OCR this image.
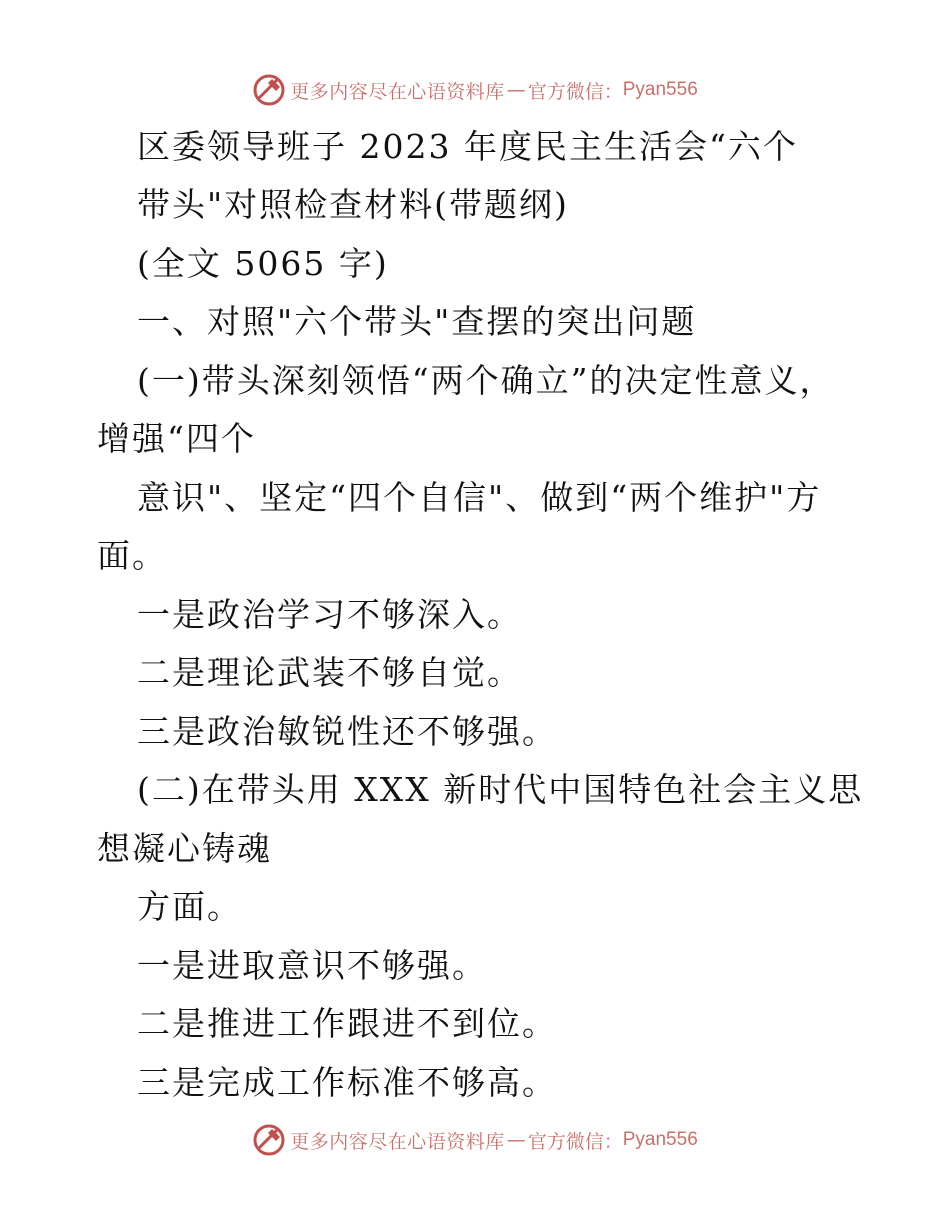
更多内容尽在心语资料库 — 官方微信： Pyan556
区委领导班子 2023 年度民主生活会“六个
带头"对照检查材料(带题纲)
(全文 5065 字)
一、对照"六个带头"查摆的突出问题
(一)带头深刻领悟“两个确立”的决定性意义，
增强“四个
意识"、坚定“四个自信"、做到“两个维护"方
面。
一是政治学习不够深入。
二是理论武装不够自觉。
三是政治敏锐性还不够强。
(二)在带头用 XXX 新时代中国特色社会主义思
想凝心铸魂
方面。
一是进取意识不够强。
二是推进工作跟进不到位。
三是完成工作标准不够高。
更多内容尽在心语资料库 — 官方微信： Pyan556
